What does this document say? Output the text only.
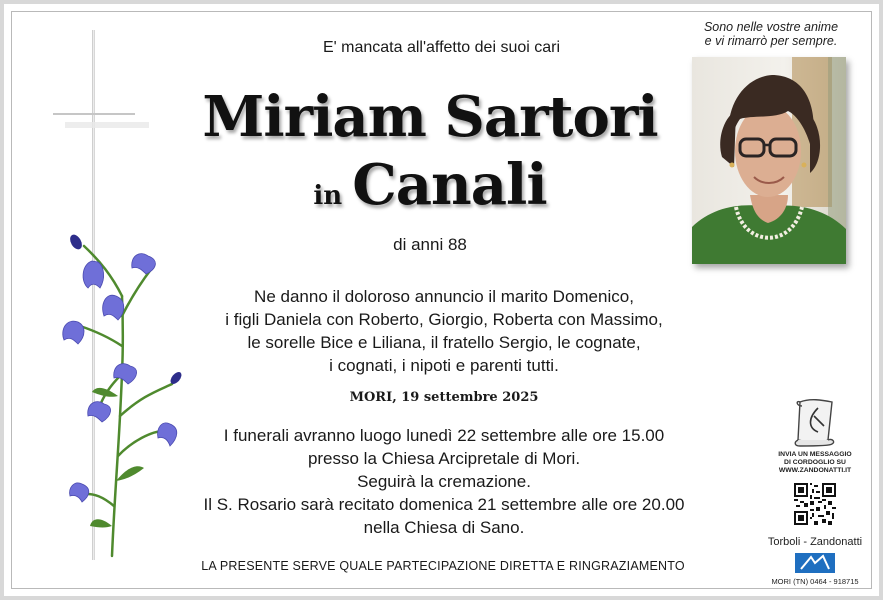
E' mancata all'affetto dei suoi cari
Miriam Sartori
in Canali
di anni 88
Ne danno il doloroso annuncio il marito Domenico,
i figli Daniela con Roberto, Giorgio, Roberta con Massimo,
le sorelle Bice e Liliana, il fratello Sergio, le cognate,
i cognati, i nipoti e parenti tutti.
MORI, 19 settembre 2025
I funerali avranno luogo lunedì 22 settembre alle ore 15.00
presso la Chiesa Arcipretale di Mori.
Seguirà la cremazione.
Il S. Rosario sarà recitato domenica 21 settembre alle ore 20.00
nella Chiesa di Sano.
LA PRESENTE SERVE QUALE PARTECIPAZIONE DIRETTA E RINGRAZIAMENTO
Sono nelle vostre anime
e vi rimarrò per sempre.
INVIA UN MESSAGGIO
DI CORDOGLIO SU
WWW.ZANDONATTI.IT
Torboli - Zandonatti
MORI (TN) 0464 - 918715
